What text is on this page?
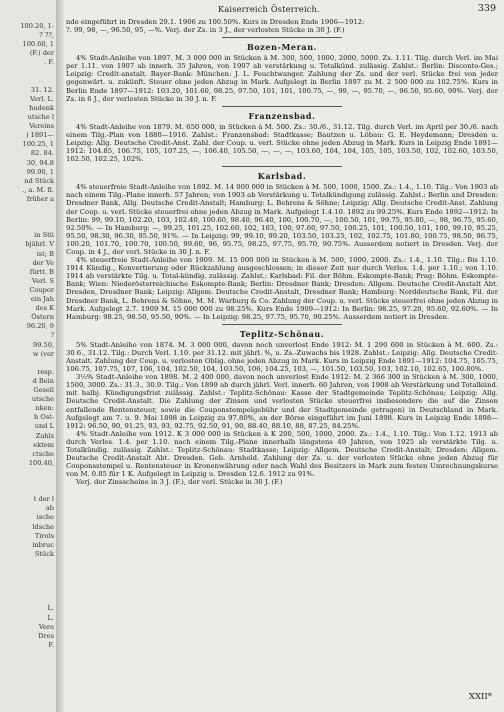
100.20, 1-
? ??,
100.60, 1
(F.) der
. F.
31. 12.
Verl. L.
hudenk
utsche l
Vereins
) 1891—
100.25, 1
82. 84.
30, 94.8
99.90, 1
nd Stück
., a. M. fl.
früher a
in Stü
bjährl. V
ist; B
der Ve
fürtt. B
Verl. S
Coupor
ein Jah
des K
Östern
96.20, 9
?
99.50,
w (ver
resp.
d Bein
Gesell
utsche
nken:
h Ost-
und L
Zahls
ektem
ctsche
100.40,
t der l
ab
ische
ldsche
Tirols
inbruc
Stück
L.
L.
Vere
Dres
F.
Kaiserreich Österreich.	339

nde eingeführt in Dresden 29.1. 1906 zu 100.50%. Kurs in Dresden Ende 1906—1912:

?. 99, 98, —, 96.50, 95, —%. Verj. der Zs. in 3 J., der verlosten Stücke in 30 J. (F.)

Bozen-Meran.

4% Stadt-Anleihe von 1897. M. 3 000 000 in Stücken à M. 300, 500, 1000, 2000, 5000. Zs. 1.11. Tilg. durch Verl. im Mai per 1.11. von 1907 ab innerh. 35 Jahren, von 1907 ab verstärkung u. Totalkünd. zulässig. Zahlst.: Berlin: Disconto-Ges.; Leipzig: Credit-anstalt. Bayer-Bank: München: J. L. Feuchtwanger. Zahlung der Zs. und der verl. Stücke frei von jeder gegenwärt. u. zukünft. Steuer ohne jeden Abzug in Mark. Aufgelegt in Berlin 1897 zu M. 2 500 000 zu 102.75%. Kurs in Berlin Ende 1897—1912: 103.20, 101.60, 98.25, 97.50, 101, 101, 100.75, —, 99, —, 95.70, —, 96.50, 95.60, 90%. Verj. der Zs. in 6 J., der verlosten Stücke in 30 J. n. F.

Franzensbad.

4% Stadt-Anleihe von 1879. M. 650 000, in Stücken à M. 500. Zs.: 30./6., 31.12. Tilg. durch Verl. im April per 30./6. nach einem Tilg.-Plan von 1880—1916. Zahlst.: Franzensbad: Stadtkasse; Bautzen u. Löbau: G. E. Heydemann; Dresden u. Leipzig: Allg. Deutsche Credit-Anst. Zahl. der Coup. u. verl. Stücke ohne jeden Abzug in Mark. Kurs in Leipzig Ende 1891—1912: 104.85, 106.75, 105, 107.25, —, 106.40, 105.50, —, —, —, 103.60, 104, 104, 105, 105, 103.50, 102, 102.60, 103.50, 102.50, 102.25, 102%.

Karlsbad.

4% steuerfreie Stadt-Anleihe von 1892. M. 14 000 000 in Stücken à M. 500, 1000, 1500. Zs.: 1.4., 1.10. Tilg.: Von 1903 ab nach einem Tilg.-Plane innerh. 57 Jahren; von 1903 ab Verstärkung u. Totalkündigung zulässig. Zahlst.: Berlin und Dresden: Dresdner Bank, Allg. Deutsche Credit-Anstalt; Hamburg: L. Behrens & Söhne; Leipzig: Allg. Deutsche Credit-Anst. Zahlung der Coup. u. verl. Stücke steuerfrei ohne jeden Abzug in Mark. Aufgelegt 1.4.10. 1892 zu 99.25%. Kurs Ende 1892—1912: In Berlin: 99, 99.10, 102.20, 103, 102.40, 100.60, 98.40, 96.40, 100, 100.70, —, 100.50, 101, 99.75, 95.80, —, 98, 96.75, 95.60, 92.50%. — In Hamburg: —, 99.25, 101.25, 102.60, 102, 103, 100, 97.60, 97.50, 100.25, 101, 100.50, 101, 100, 99.10, 95.25, 95.50, 98.30, 96.30, 95.50, 91%. — In Leipzig: 99, 99.10, 99.20, 103.50, 103.25, 102, 102.75, 101.80, 100.75, 98.50, 96.75, 100.20, 101.70, 100.70, 100.50, 99.60, 96, 95.75, 98.25, 97.75, 95.70, 90.75%. Ausserdem notiert in Dresden. Verj. der Coup. in 4 J., der verl. Stücke in 30 J. n. F.

4% steuerfreie Stadt-Anleihe von 1909. M. 15 000 000 in Stücken à M. 500, 1000, 2000. Zs.: 1.4., 1.10. Tilg.: Bis 1.10. 1914 Kündig., Konvertierung oder Rückzahlung ausgeschlossen; in dieser Zeit nur durch Verlos. 1.4. per 1.10.; von 1.10. 1914 ab verstärkte Tilg. u. Total-kündig. zulässig. Zahlst.: Karlsbad: Fil. der Böhm. Eskompte-Bank; Prag: Böhm. Eskompte-Bank; Wien: Niederösterreichische Eskompte-Bank; Berlin: Dresdner Bank; Dresden: Allgem. Deutsche Credit-Anstalt Abt. Dresden, Dresdner Bank; Leipzig: Allgem. Deutsche Credit-Anstalt, Dresdner Bank; Hamburg: Norddeutsche Bank, Fil. der Dresdner Bank, L. Behrens & Söhne, M. M. Warburg & Co. Zahlung der Coup. u. verl. Stücke steuerfrei ohne jeden Abzug in Mark. Aufgelegt 2.7. 1909 M. 15 000 000 zu 98.25%. Kurs Ende 1909—1912: In Berlin: 98.25, 97.20, 95.60, 92.60%. — In Hamburg: 98.25, 98.50, 95.50, 90%. — In Leipzig: 98.25, 97.75, 95.70, 90.25%. Ausserdem notiert in Dresden.

Teplitz-Schönau.

5% Stadt-Anleihe von 1874. M. 3 000 000, davon noch unverlost Ende 1912: M. 1 290 600 in Stücken à M. 600. Zs.: 30.6., 31.12. Tilg.: Durch Verl. 1.10. per 31.12. mit jährl. %, u. Zs.-Zuwachs bis 1928. Zahlst.: Leipzig: Allg. Deutsche Credit-Anstalt. Zahlung der Coup. u. verlosten Oblig. ohne jeden Abzug in Mark. Kurs in Leipzig Ende 1891—1912: 104.75, 105.75, 106.75, 107.75, 107, 106, 104, 102.50, 104, 103.50, 106, 104.25, 103, —, 101.50, 103.50, 103, 102.10, 102.65, 100.80%.

3½% Stadt-Anleihe von 1898. M. 2 400 000, davon noch unverlost Ende 1912: M. 2 366 300 in Stücken à M. 300, 1000, 1500, 3000. Zs.: 31.3., 30.9. Tilg.: Von 1899 ab durch jährl. Verl. innerh. 60 Jahren, von 1908 ab Verstärkung und Totalkünd. mit halbj. Kündigungsfrist zulässig. Zahlst.: Teplitz-Schönau: Kasse der Stadtgemeinde Teplitz-Schönau; Leipzig: Allg. Deutsche Credit-Anstalt. Die Zahlung der Zinsen und verlosten Stücke steuerfrei insbesondere die auf die Zinsen entfallende Rentensteuer, sowie die Couponstempelgebühr und der Stadtgemeinde getragen) in Deutschland in Mark. Aufgelegt am 7. u. 9. Mai 1898 in Leipzig zu 97.80%, an der Börse eingeführt im Juni 1898. Kurs in Leipzig Ende 1898—1912: 96.50, 90, 91.25, 93, 93, 92.75, 92.50, 91, 90, 88.40, 88.10, 88, 87.25, 84.25%.

4% Stadt-Anleihe von 1912. K 3 000 000 in Stücken à K 200, 500, 1000, 2000. Zs.: 1.4., 1.10. Tilg.: Von 1.12. 1913 ab durch Verlos. 1.4. per 1.10. nach einem Tilg.-Plane innerhalb längstens 49 Jahren, von 1925 ab verstärkte Tilg. u. Totalkündig. zulässig. Zahlst.: Teplitz-Schönau: Stadtkasse; Leipzig: Allgem. Deutsche Credit-Anstalt; Dresden: Allgem. Deutsche Credit-Anstalt Abt. Dresden. Geb. Arnhold. Zahlung der Zs. u. der verlosten Stücke ohne jeden Abzug für Couponsstempel u. Rentensteuer in Kronenwährung oder nach Wahl des Besitzers in Mark zum festen Umrechnungskurse von M. 0.85 für 1 K. Aufgelegt in Leipzig u. Dresden 12.6. 1912 zu 91%.

Verj. der Zinsscheine in 3 J. (F.), der verl. Stücke in 30 J. (F.)

XXII*
